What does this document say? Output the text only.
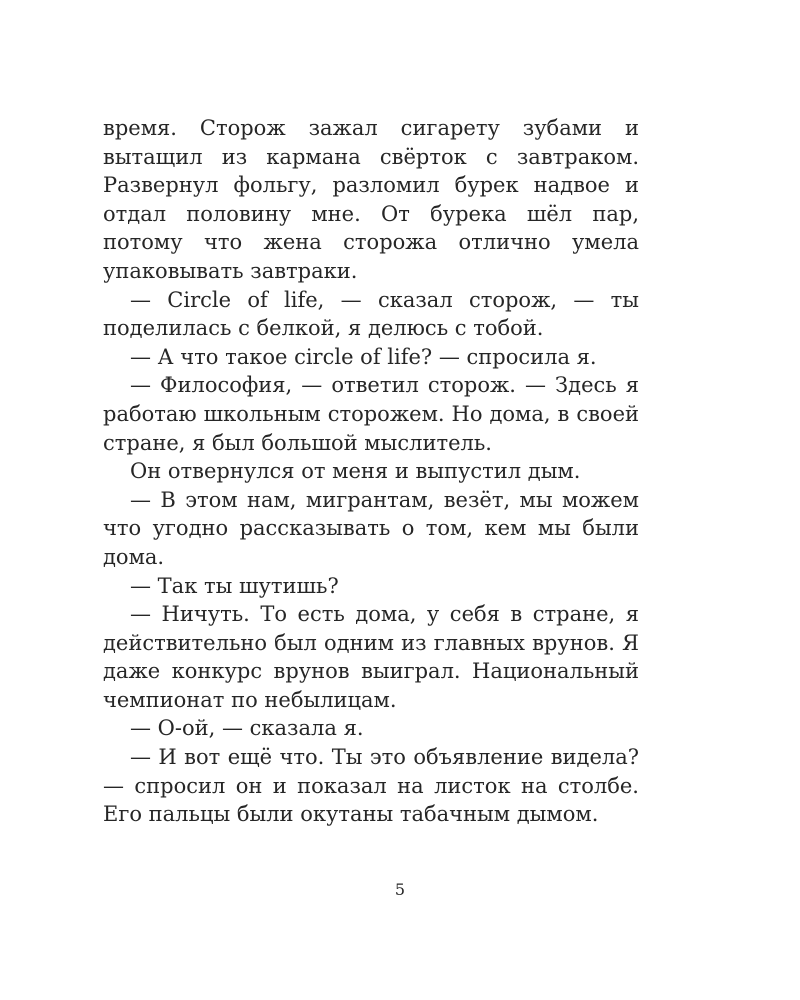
время. Сторож зажал сигарету зубами и вытащил из кармана свёрток с завтраком. Развернул фольгу, разломил бурек надвое и отдал половину мне. От бурека шёл пар, потому что жена сторожа отлично умела упаковывать завтраки.

— Circle of life, — сказал сторож, — ты поделилась с белкой, я делюсь с тобой.

— А что такое circle of life? — спросила я.

— Философия, — ответил сторож. — Здесь я работаю школьным сторожем. Но дома, в своей стране, я был большой мыслитель.

Он отвернулся от меня и выпустил дым.

— В этом нам, мигрантам, везёт, мы можем что угодно рассказывать о том, кем мы были дома.

— Так ты шутишь?

— Ничуть. То есть дома, у себя в стране, я действительно был одним из главных врунов. Я даже конкурс врунов выиграл. Национальный чемпионат по небылицам.

— О-ой, — сказала я.

— И вот ещё что. Ты это объявление видела? — спросил он и показал на листок на столбе. Его пальцы были окутаны табачным дымом.

5
